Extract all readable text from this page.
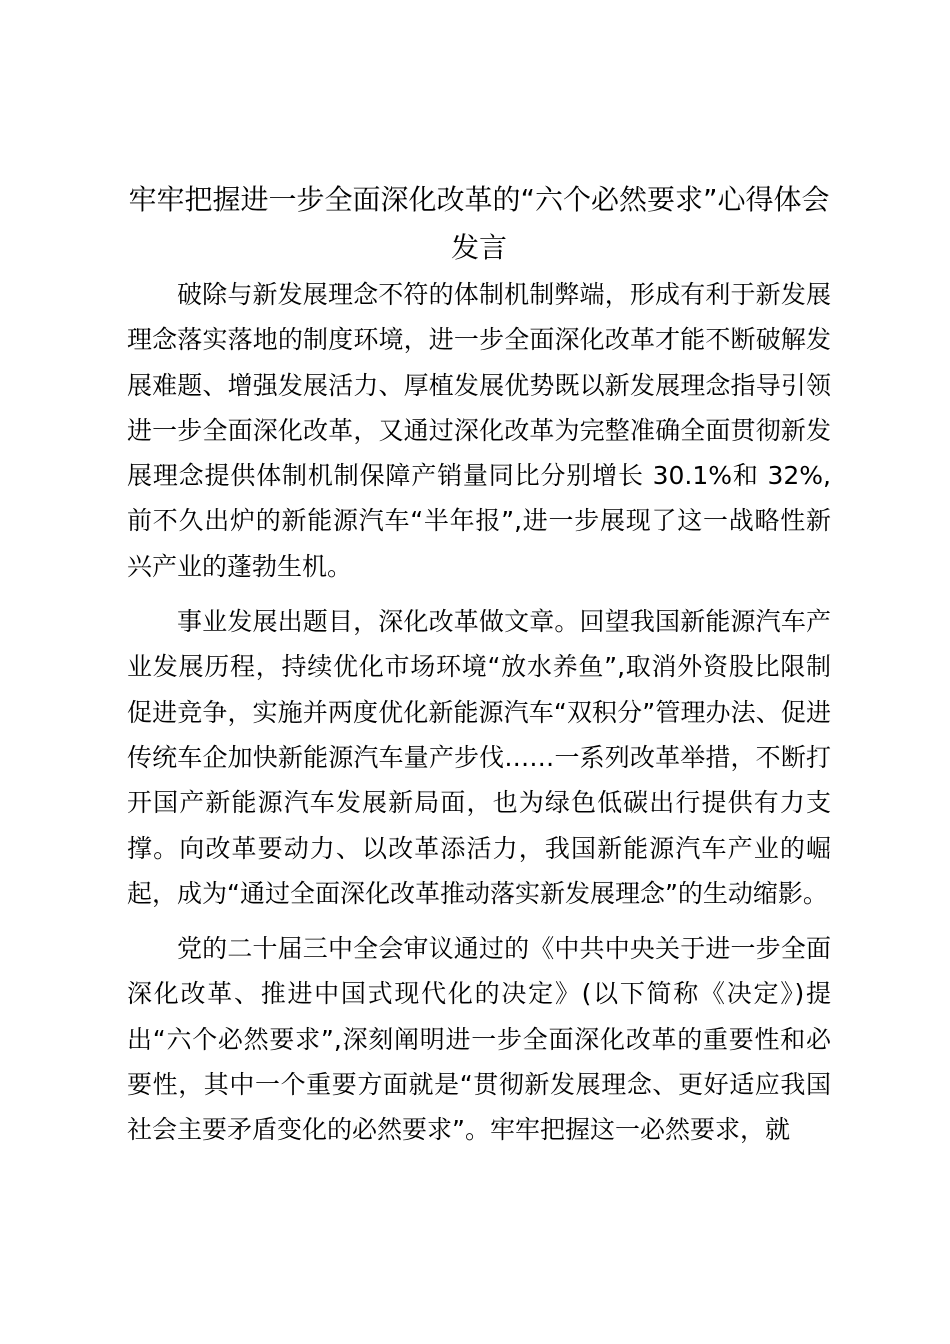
牢牢把握进一步全面深化改革的“六个必然要求”心得体会发言

破除与新发展理念不符的体制机制弊端，形成有利于新发展理念落实落地的制度环境，进一步全面深化改革才能不断破解发展难题、增强发展活力、厚植发展优势既以新发展理念指导引领进一步全面深化改革，又通过深化改革为完整准确全面贯彻新发展理念提供体制机制保障产销量同比分别增长 30.1%和 32%,前不久出炉的新能源汽车“半年报”,进一步展现了这一战略性新兴产业的蓬勃生机。

事业发展出题目，深化改革做文章。回望我国新能源汽车产业发展历程，持续优化市场环境“放水养鱼”,取消外资股比限制促进竞争，实施并两度优化新能源汽车“双积分”管理办法、促进传统车企加快新能源汽车量产步伐……一系列改革举措，不断打开国产新能源汽车发展新局面，也为绿色低碳出行提供有力支撑。向改革要动力、以改革添活力，我国新能源汽车产业的崛起，成为“通过全面深化改革推动落实新发展理念”的生动缩影。

党的二十届三中全会审议通过的《中共中央关于进一步全面深化改革、推进中国式现代化的决定》(以下简称《决定》)提出“六个必然要求”,深刻阐明进一步全面深化改革的重要性和必要性，其中一个重要方面就是“贯彻新发展理念、更好适应我国社会主要矛盾变化的必然要求”。牢牢把握这一必然要求，就
